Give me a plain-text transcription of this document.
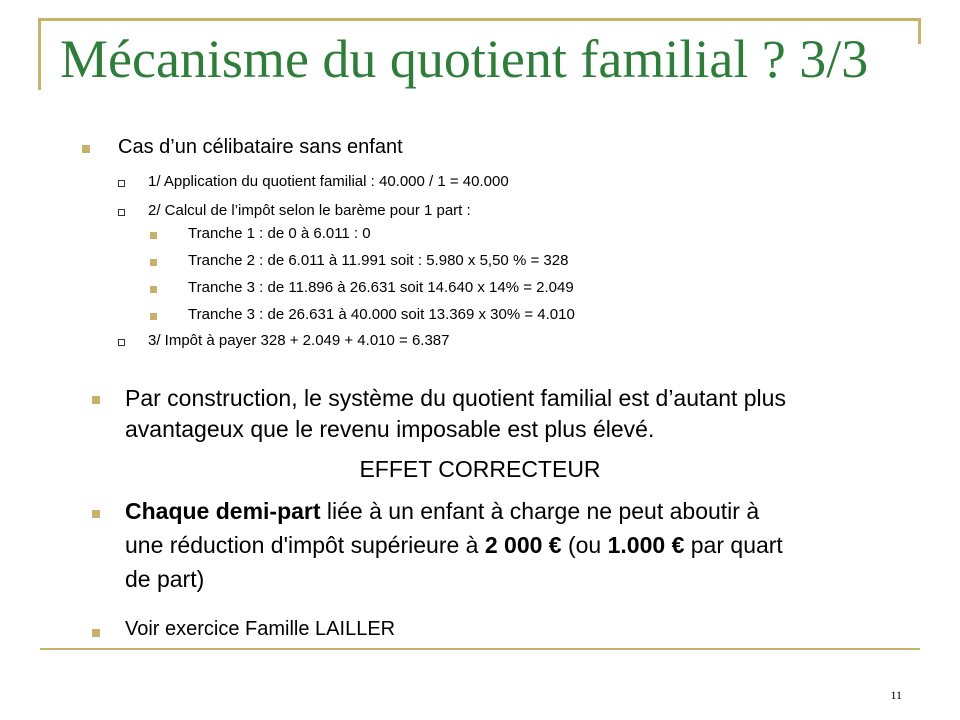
Mécanisme du quotient familial ? 3/3
Cas d’un célibataire sans enfant
1/ Application du quotient familial : 40.000 / 1 = 40.000
2/ Calcul de l’impôt selon le barème pour 1 part :
Tranche 1 : de 0 à 6.011 : 0
Tranche 2 : de 6.011 à 11.991 soit : 5.980 x 5,50 % = 328
Tranche 3 : de 11.896 à 26.631 soit 14.640 x 14% = 2.049
Tranche 3 : de 26.631 à 40.000 soit 13.369 x 30% = 4.010
3/ Impôt à payer 328 + 2.049 + 4.010 = 6.387
Par construction, le système du quotient familial est d’autant plus
avantageux que le revenu imposable est plus élevé.
EFFET CORRECTEUR
Chaque demi-part liée à un enfant à charge ne peut aboutir à
une réduction d'impôt supérieure à 2 000 € (ou 1.000 € par quart
de part)
Voir exercice Famille LAILLER
11
